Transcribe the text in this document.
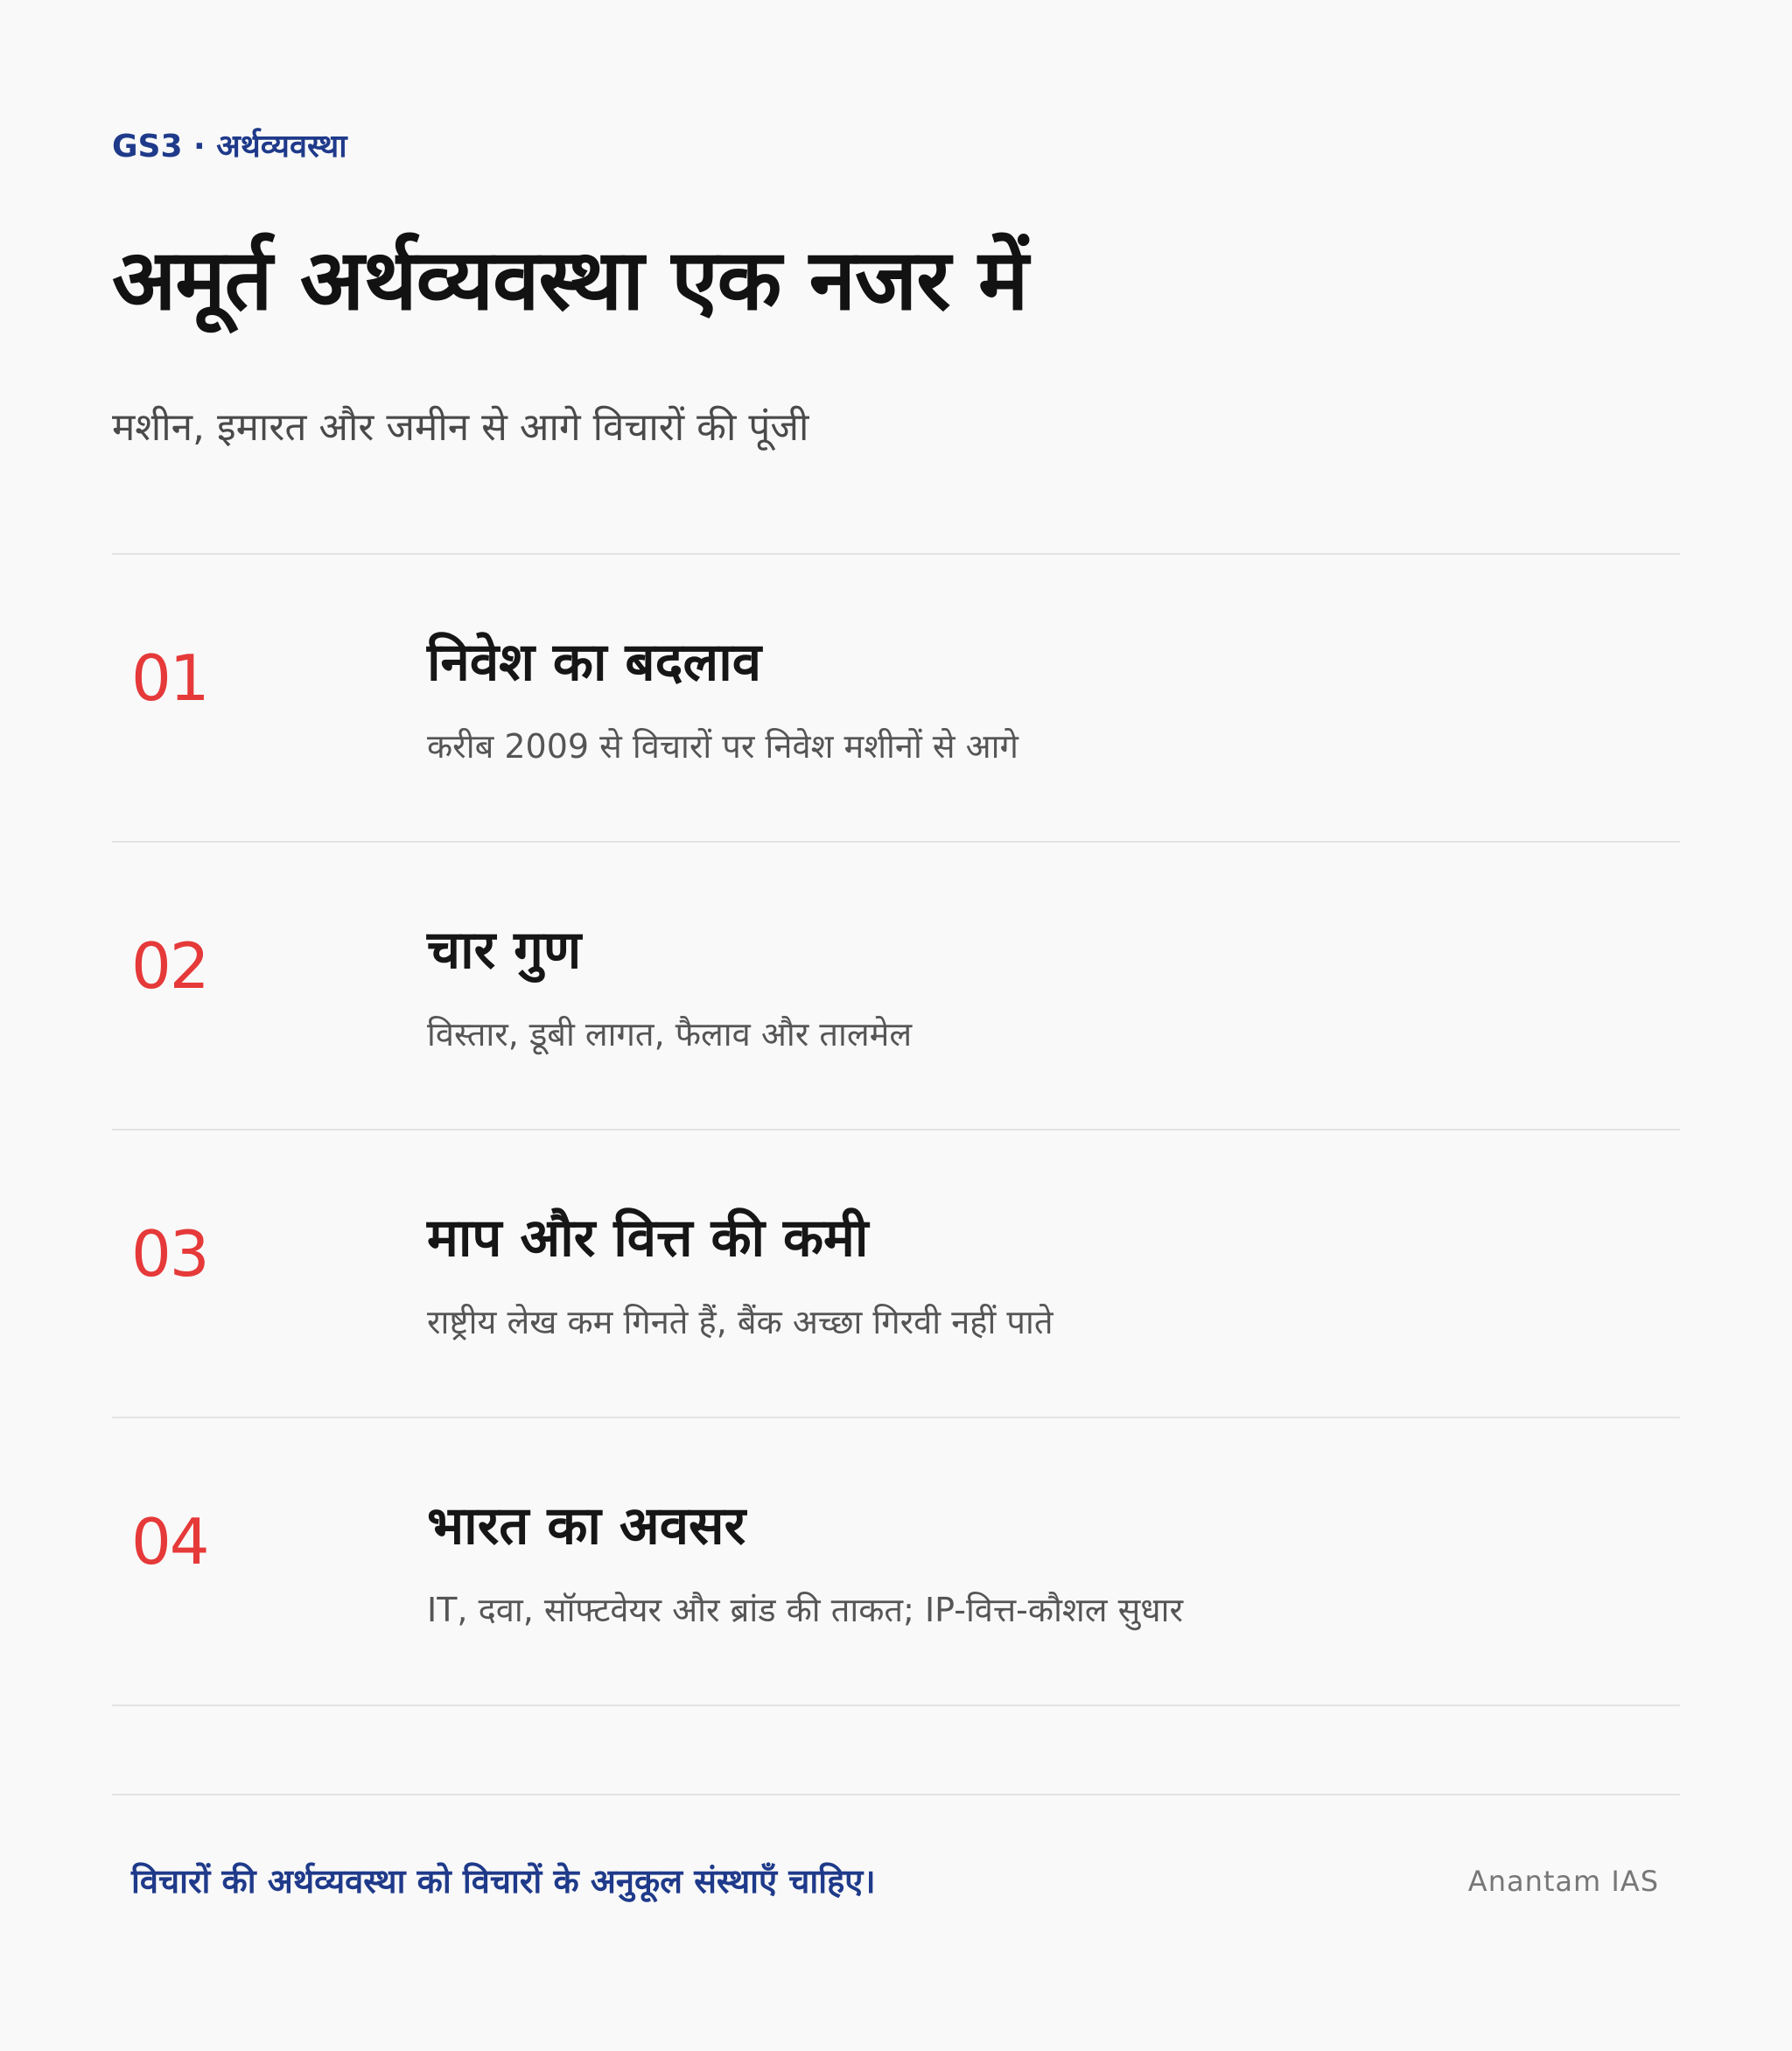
GS3 · अर्थव्यवस्था
अमूर्त अर्थव्यवस्था एक नजर में
मशीन, इमारत और जमीन से आगे विचारों की पूंजी
01	निवेश का बदलाव
करीब 2009 से विचारों पर निवेश मशीनों से आगे
02	चार गुण
विस्तार, डूबी लागत, फैलाव और तालमेल
03	माप और वित्त की कमी
राष्ट्रीय लेख कम गिनते हैं, बैंक अच्छा गिरवी नहीं पाते
04	भारत का अवसर
IT, दवा, सॉफ्टवेयर और ब्रांड की ताकत; IP-वित्त-कौशल सुधार
विचारों की अर्थव्यवस्था को विचारों के अनुकूल संस्थाएँ चाहिए।	Anantam IAS
